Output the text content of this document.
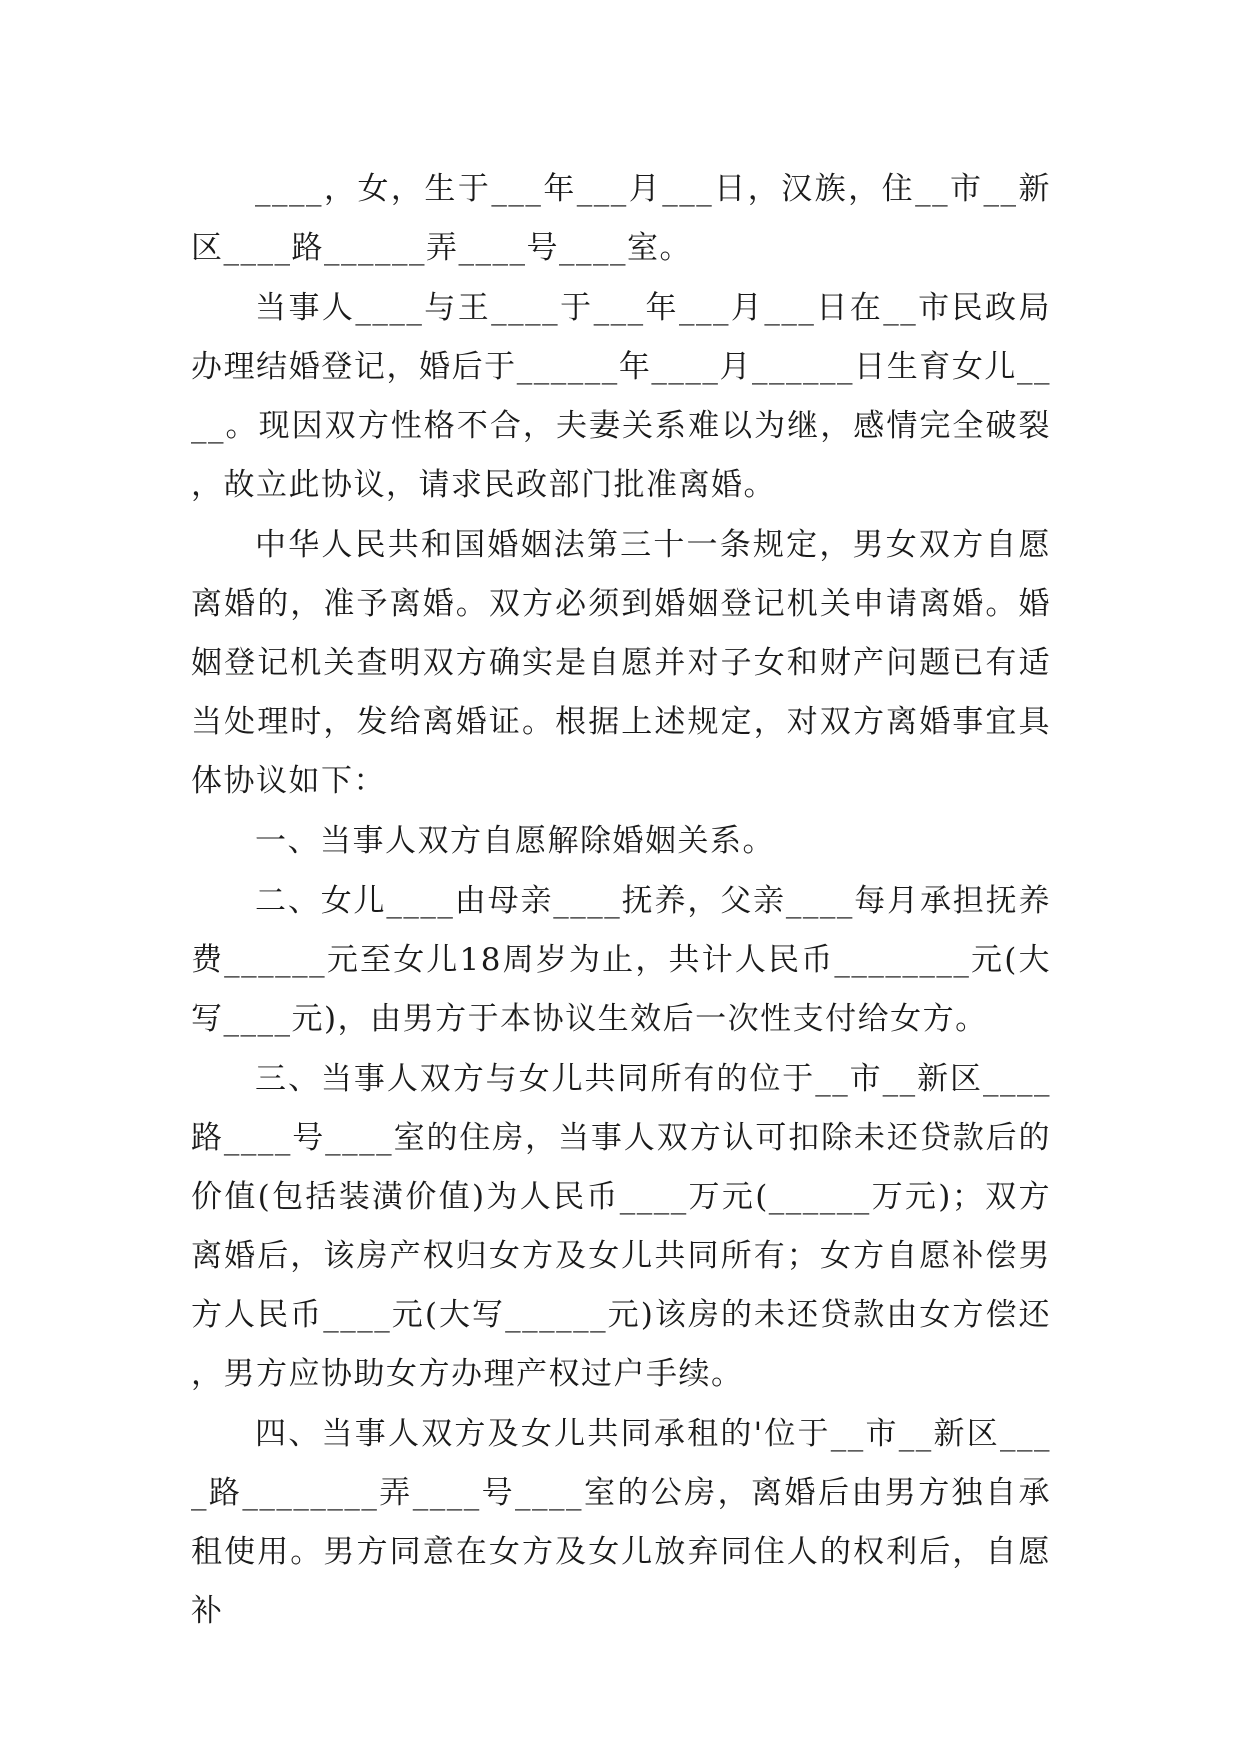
____，女，生于___年___月___日，汉族，住__市__新区____路______弄____号____室。

当事人____与王____于___年___月___日在__市民政局办理结婚登记，婚后于______年____月______日生育女儿____。现因双方性格不合，夫妻关系难以为继，感情完全破裂，故立此协议，请求民政部门批准离婚。

中华人民共和国婚姻法第三十一条规定，男女双方自愿离婚的，准予离婚。双方必须到婚姻登记机关申请离婚。婚姻登记机关查明双方确实是自愿并对子女和财产问题已有适当处理时，发给离婚证。根据上述规定，对双方离婚事宜具体协议如下：

一、当事人双方自愿解除婚姻关系。

二、女儿____由母亲____抚养，父亲____每月承担抚养费______元至女儿18周岁为止，共计人民币________元(大写____元)，由男方于本协议生效后一次性支付给女方。

三、当事人双方与女儿共同所有的位于__市__新区____路____号____室的住房，当事人双方认可扣除未还贷款后的价值(包括装潢价值)为人民币____万元(______万元)；双方离婚后，该房产权归女方及女儿共同所有；女方自愿补偿男方人民币____元(大写______元)该房的未还贷款由女方偿还，男方应协助女方办理产权过户手续。

四、当事人双方及女儿共同承租的'位于__市__新区____路________弄____号____室的公房，离婚后由男方独自承租使用。男方同意在女方及女儿放弃同住人的权利后，自愿补
